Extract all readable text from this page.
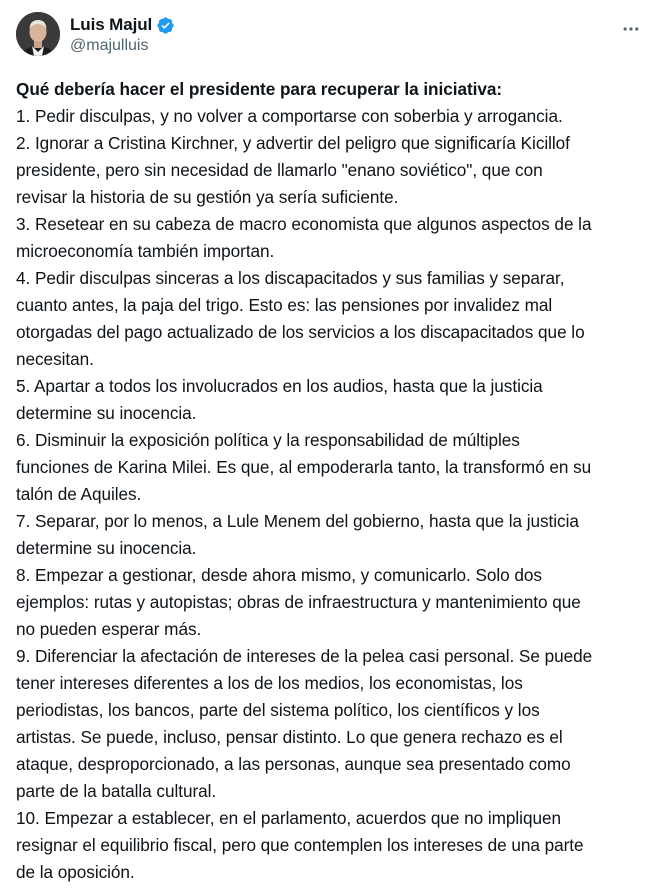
Luis Majul
@majulluis
Qué debería hacer el presidente para recuperar la iniciativa:
1. Pedir disculpas, y no volver a comportarse con soberbia y arrogancia.
2. Ignorar a Cristina Kirchner, y advertir del peligro que significaría Kicillof
presidente, pero sin necesidad de llamarlo "enano soviético", que con
revisar la historia de su gestión ya sería suficiente.
3. Resetear en su cabeza de macro economista que algunos aspectos de la
microeconomía también importan.
4. Pedir disculpas sinceras a los discapacitados y sus familias y separar,
cuanto antes, la paja del trigo. Esto es: las pensiones por invalidez mal
otorgadas del pago actualizado de los servicios a los discapacitados que lo
necesitan.
5. Apartar a todos los involucrados en los audios, hasta que la justicia
determine su inocencia.
6. Disminuir la exposición política y la responsabilidad de múltiples
funciones de Karina Milei. Es que, al empoderarla tanto, la transformó en su
talón de Aquiles.
7. Separar, por lo menos, a Lule Menem del gobierno, hasta que la justicia
determine su inocencia.
8. Empezar a gestionar, desde ahora mismo, y comunicarlo. Solo dos
ejemplos: rutas y autopistas; obras de infraestructura y mantenimiento que
no pueden esperar más.
9. Diferenciar la afectación de intereses de la pelea casi personal. Se puede
tener intereses diferentes a los de los medios, los economistas, los
periodistas, los bancos, parte del sistema político, los científicos y los
artistas. Se puede, incluso, pensar distinto. Lo que genera rechazo es el
ataque, desproporcionado, a las personas, aunque sea presentado como
parte de la batalla cultural.
10. Empezar a establecer, en el parlamento, acuerdos que no impliquen
resignar el equilibrio fiscal, pero que contemplen los intereses de una parte
de la oposición.
